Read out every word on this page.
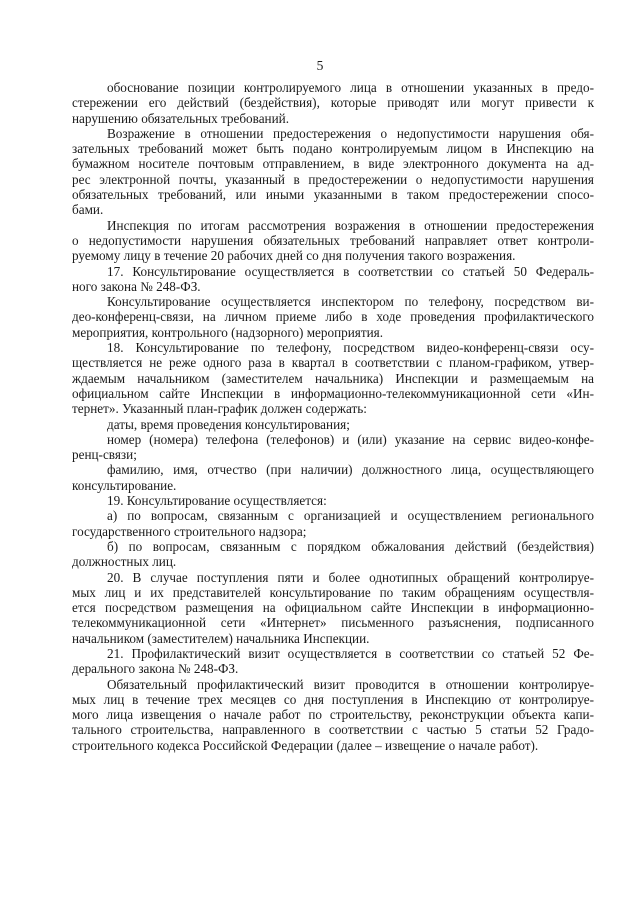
5
обоснование позиции контролируемого лица в отношении указанных в предо-
стережении его действий (бездействия), которые приводят или могут привести к
нарушению обязательных требований.
Возражение в отношении предостережения о недопустимости нарушения обя-
зательных требований может быть подано контролируемым лицом в Инспекцию на
бумажном носителе почтовым отправлением, в виде электронного документа на ад-
рес электронной почты, указанный в предостережении о недопустимости нарушения
обязательных требований, или иными указанными в таком предостережении спосо-
бами.
Инспекция по итогам рассмотрения возражения в отношении предостережения
о недопустимости нарушения обязательных требований направляет ответ контроли-
руемому лицу в течение 20 рабочих дней со дня получения такого возражения.
17. Консультирование осуществляется в соответствии со статьей 50 Федераль-
ного закона № 248-ФЗ.
Консультирование осуществляется инспектором по телефону, посредством ви-
део-конференц-связи, на личном приеме либо в ходе проведения профилактического
мероприятия, контрольного (надзорного) мероприятия.
18. Консультирование по телефону, посредством видео-конференц-связи осу-
ществляется не реже одного раза в квартал в соответствии с планом-графиком, утвер-
ждаемым начальником (заместителем начальника) Инспекции и размещаемым на
официальном сайте Инспекции в информационно-телекоммуникационной сети «Ин-
тернет». Указанный план-график должен содержать:
даты, время проведения консультирования;
номер (номера) телефона (телефонов) и (или) указание на сервис видео-конфе-
ренц-связи;
фамилию, имя, отчество (при наличии) должностного лица, осуществляющего
консультирование.
19. Консультирование осуществляется:
а) по вопросам, связанным с организацией и осуществлением регионального
государственного строительного надзора;
б) по вопросам, связанным с порядком обжалования действий (бездействия)
должностных лиц.
20. В случае поступления пяти и более однотипных обращений контролируе-
мых лиц и их представителей консультирование по таким обращениям осуществля-
ется посредством размещения на официальном сайте Инспекции в информационно-
телекоммуникационной сети «Интернет» письменного разъяснения, подписанного
начальником (заместителем) начальника Инспекции.
21. Профилактический визит осуществляется в соответствии со статьей 52 Фе-
дерального закона № 248-ФЗ.
Обязательный профилактический визит проводится в отношении контролируе-
мых лиц в течение трех месяцев со дня поступления в Инспекцию от контролируе-
мого лица извещения о начале работ по строительству, реконструкции объекта капи-
тального строительства, направленного в соответствии с частью 5 статьи 52 Градо-
строительного кодекса Российской Федерации (далее – извещение о начале работ).
